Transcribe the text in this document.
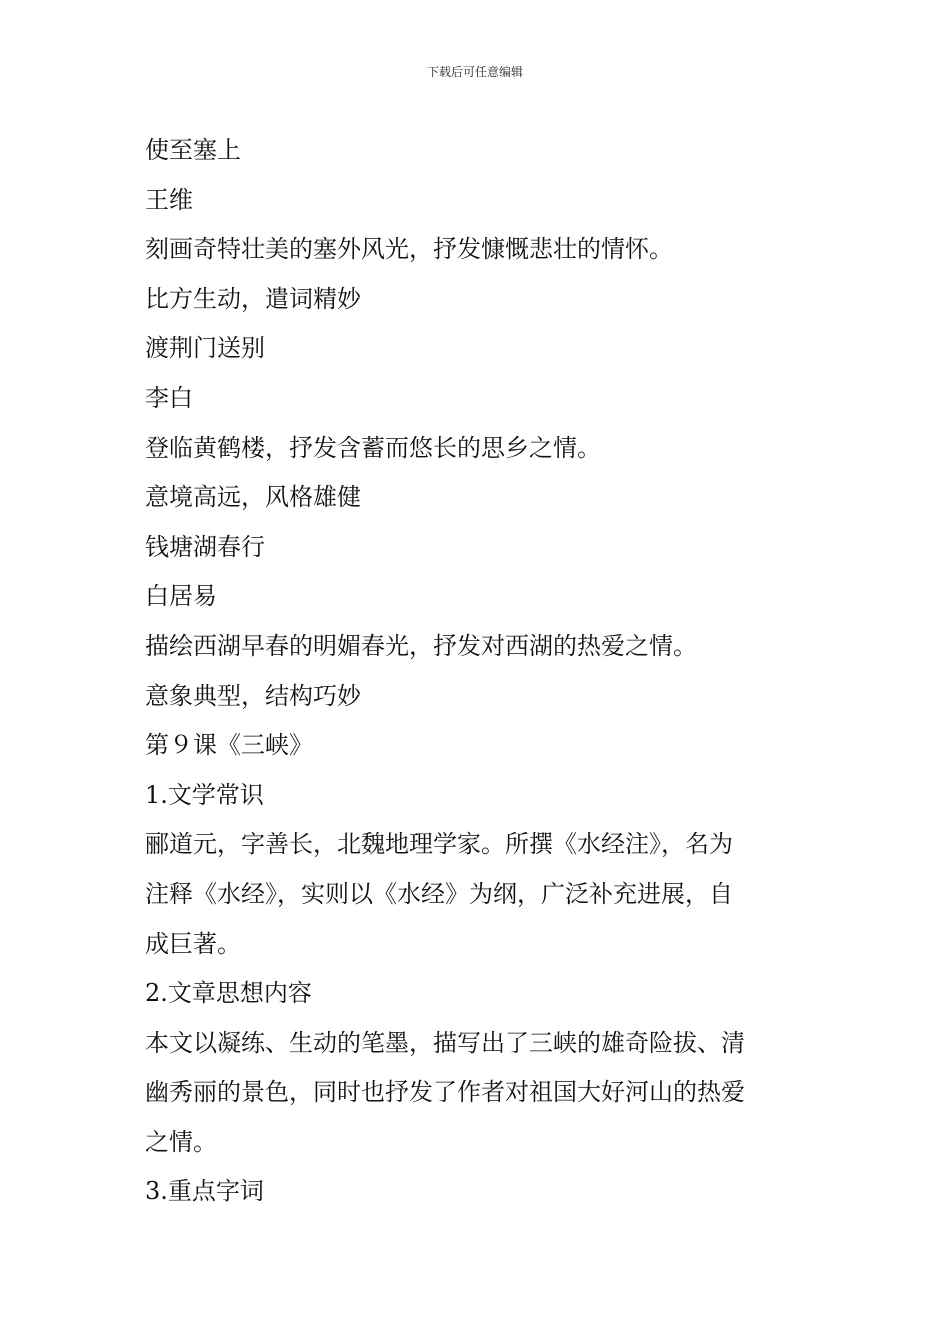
下载后可任意编辑

使至塞上

王维

刻画奇特壮美的塞外风光，抒发慷慨悲壮的情怀。

比方生动，遣词精妙

渡荆门送别

李白

登临黄鹤楼，抒发含蓄而悠长的思乡之情。

意境高远，风格雄健

钱塘湖春行

白居易

描绘西湖早春的明媚春光，抒发对西湖的热爱之情。

意象典型，结构巧妙

第９课《三峡》

1.文学常识

郦道元，字善长，北魏地理学家。所撰《水经注》，名为

注释《水经》，实则以《水经》为纲，广泛补充进展，自

成巨著。

2.文章思想内容

本文以凝练、生动的笔墨，描写出了三峡的雄奇险拔、清

幽秀丽的景色，同时也抒发了作者对祖国大好河山的热爱

之情。

3.重点字词
